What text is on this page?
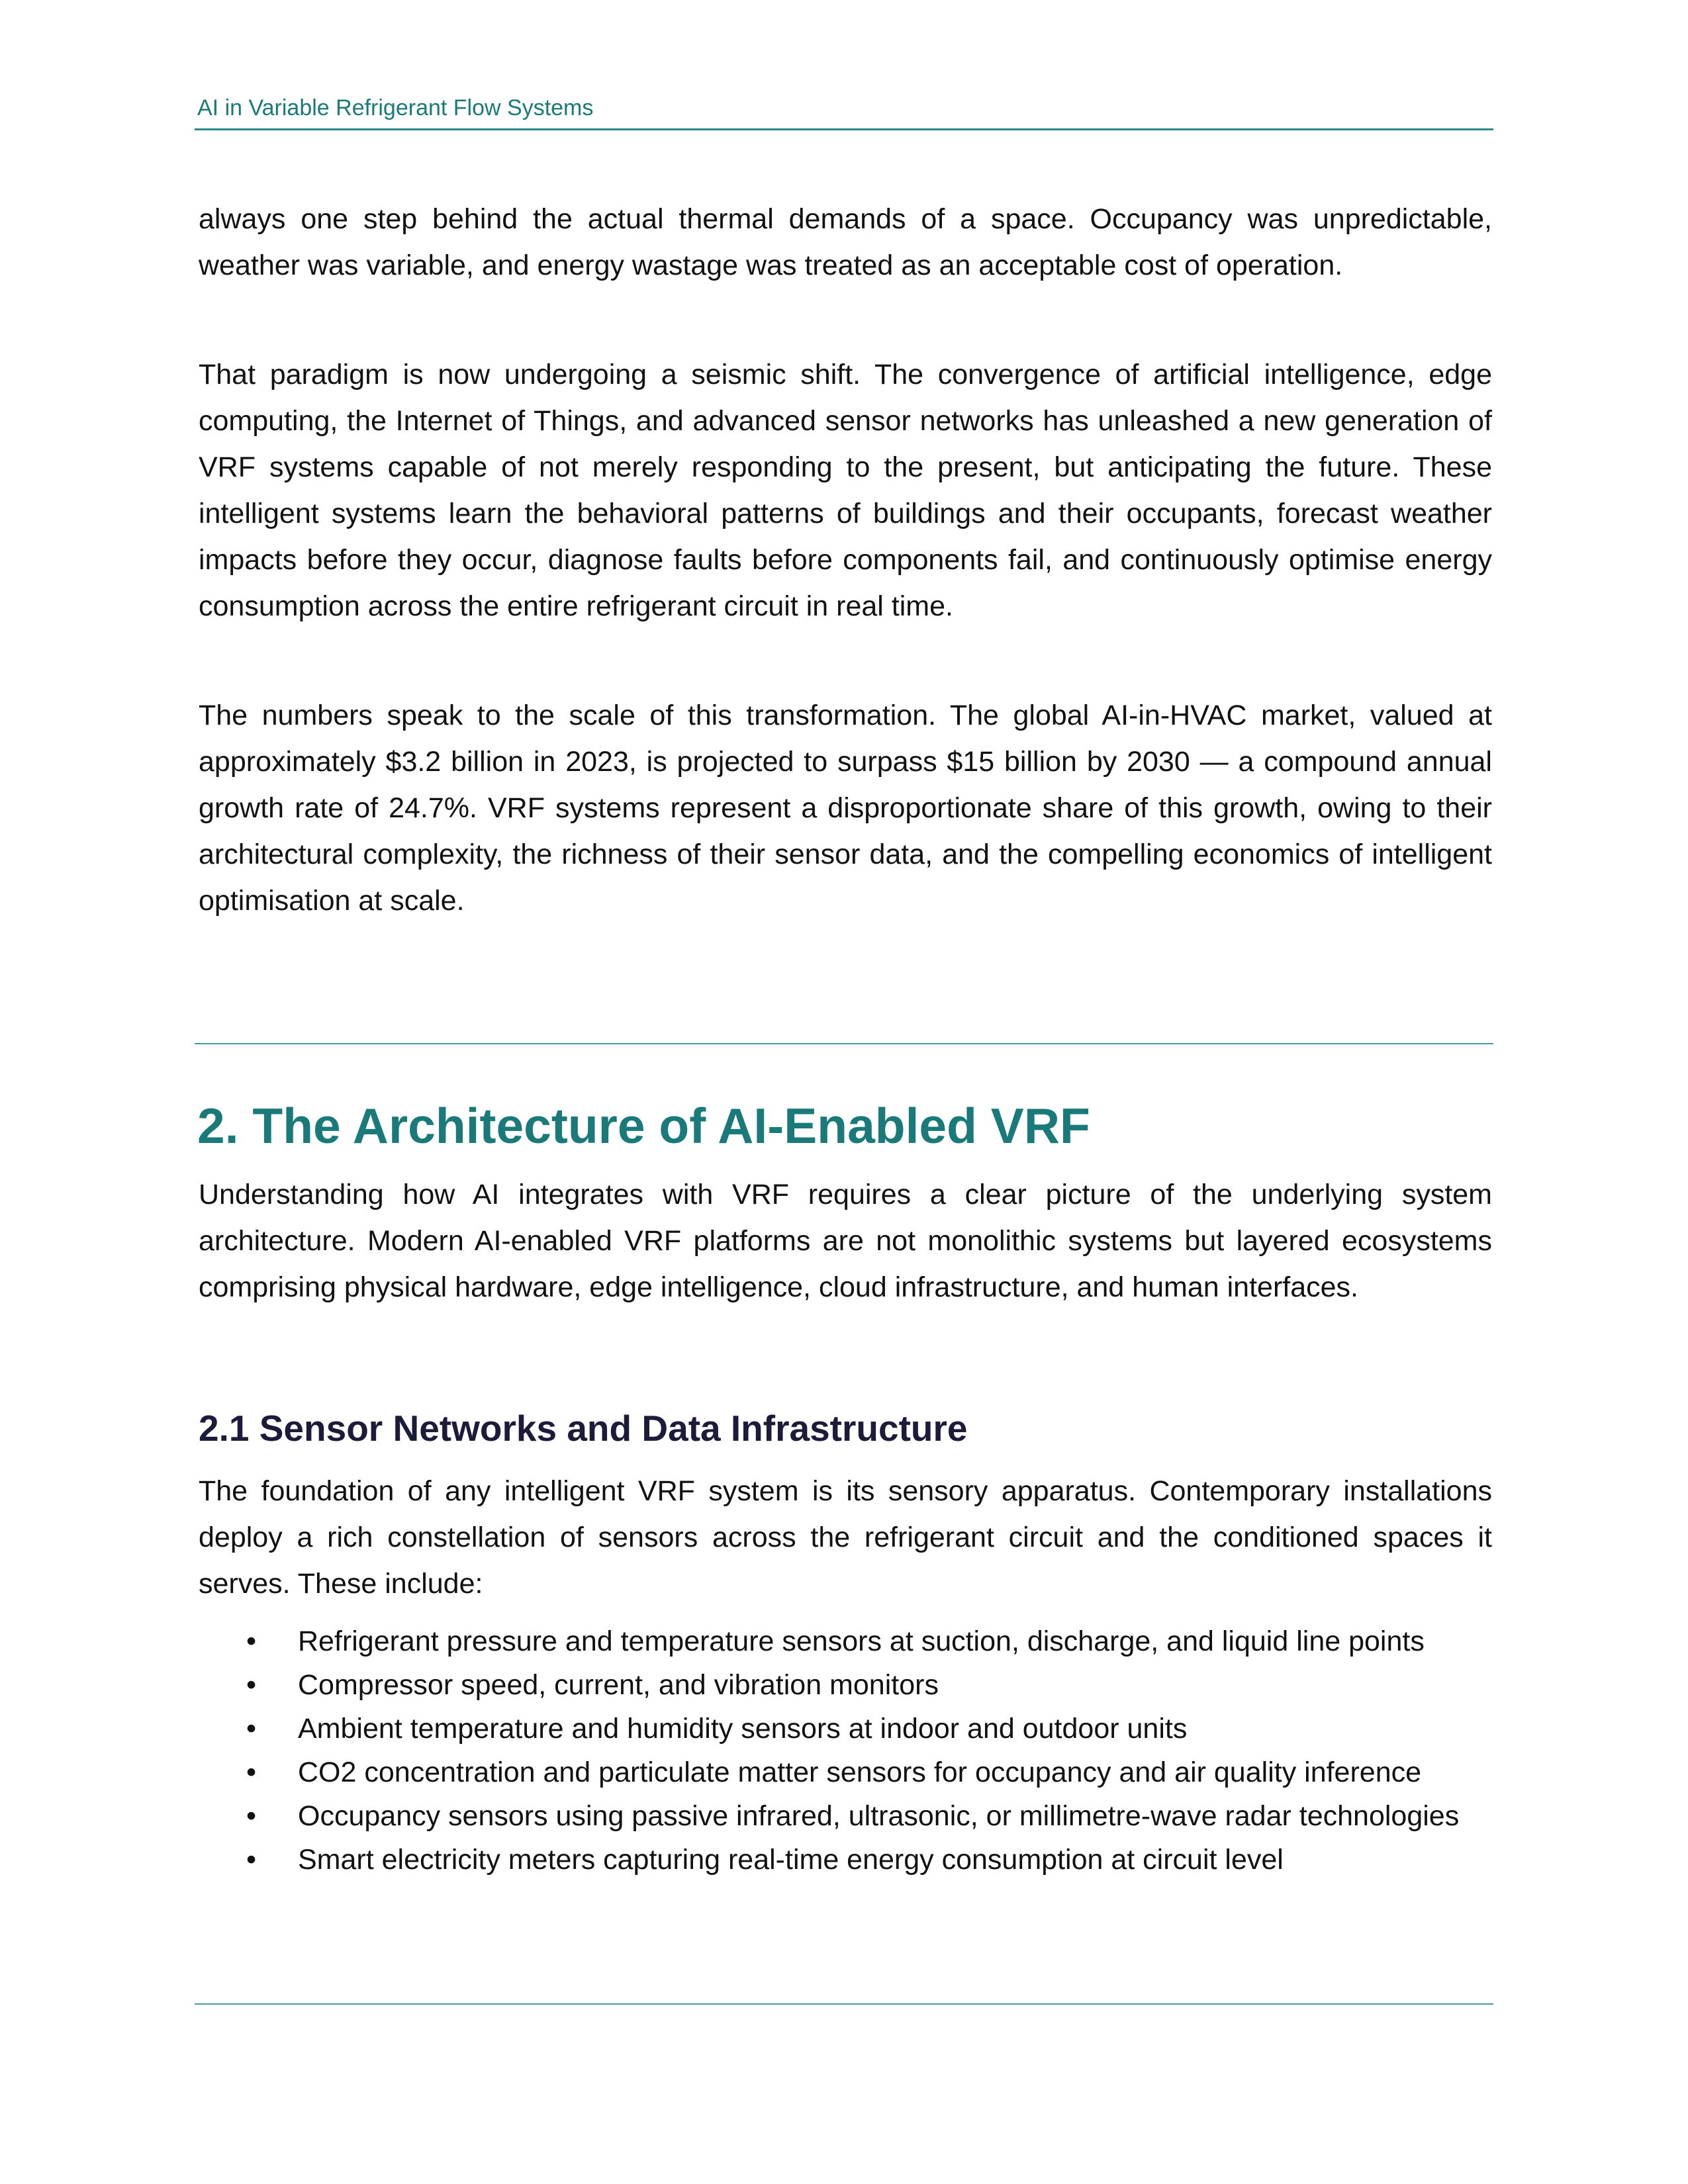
AI in Variable Refrigerant Flow Systems

always one step behind the actual thermal demands of a space. Occupancy was unpredictable, weather was variable, and energy wastage was treated as an acceptable cost of operation.

That paradigm is now undergoing a seismic shift. The convergence of artificial intelligence, edge computing, the Internet of Things, and advanced sensor networks has unleashed a new generation of VRF systems capable of not merely responding to the present, but anticipating the future. These intelligent systems learn the behavioral patterns of buildings and their occupants, forecast weather impacts before they occur, diagnose faults before components fail, and continuously optimise energy consumption across the entire refrigerant circuit in real time.

The numbers speak to the scale of this transformation. The global AI-in-HVAC market, valued at approximately $3.2 billion in 2023, is projected to surpass $15 billion by 2030 — a compound annual growth rate of 24.7%. VRF systems represent a disproportionate share of this growth, owing to their architectural complexity, the richness of their sensor data, and the compelling economics of intelligent optimisation at scale.

2. The Architecture of AI-Enabled VRF

Understanding how AI integrates with VRF requires a clear picture of the underlying system architecture. Modern AI-enabled VRF platforms are not monolithic systems but layered ecosystems comprising physical hardware, edge intelligence, cloud infrastructure, and human interfaces.

2.1 Sensor Networks and Data Infrastructure

The foundation of any intelligent VRF system is its sensory apparatus. Contemporary installations deploy a rich constellation of sensors across the refrigerant circuit and the conditioned spaces it serves. These include:

• Refrigerant pressure and temperature sensors at suction, discharge, and liquid line points
• Compressor speed, current, and vibration monitors
• Ambient temperature and humidity sensors at indoor and outdoor units
• CO2 concentration and particulate matter sensors for occupancy and air quality inference
• Occupancy sensors using passive infrared, ultrasonic, or millimetre-wave radar technologies
• Smart electricity meters capturing real-time energy consumption at circuit level
